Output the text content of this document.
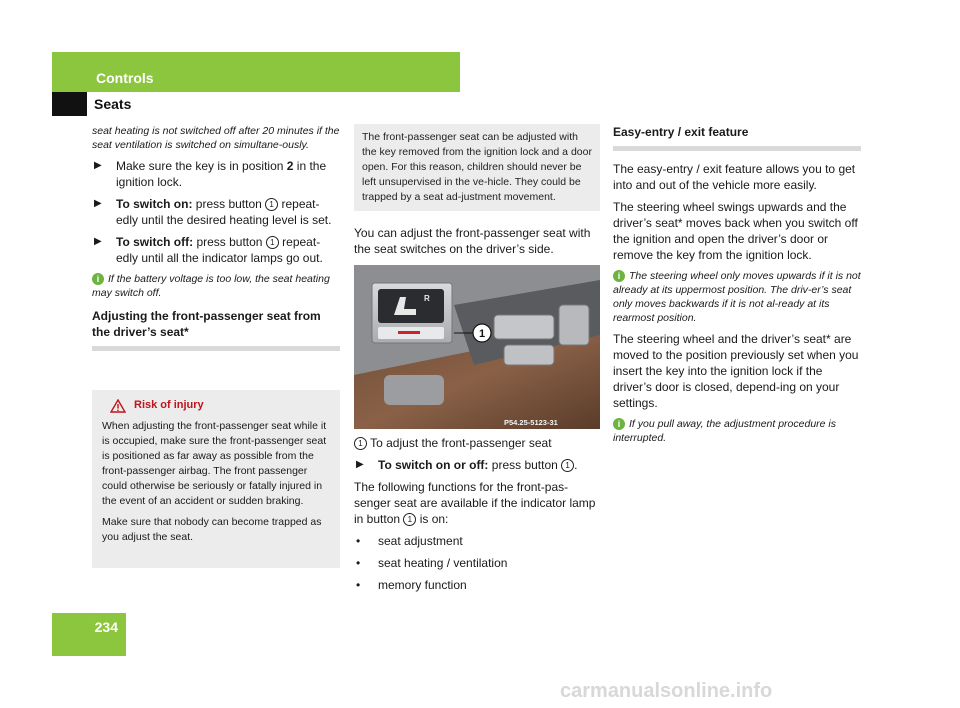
Controls
Seats

seat heating is not switched off after 20 minutes if the seat ventilation is switched on simultane-ously.

▶	Make sure the key is in position 2 in the ignition lock.
▶	To switch on: press button 1 repeat-edly until the desired heating level is set.
▶	To switch off: press button 1 repeat-edly until all the indicator lamps go out.

i If the battery voltage is too low, the seat heating may switch off.

Adjusting the front-passenger seat from the driver’s seat*
Risk of injury

When adjusting the front-passenger seat while it is occupied, make sure the front-passenger seat is positioned as far away as possible from the front-passenger airbag. The front passenger could otherwise be seriously or fatally injured in the event of an accident or sudden braking.

Make sure that nobody can become trapped as you adjust the seat.

The front-passenger seat can be adjusted with the key removed from the ignition lock and a door open. For this reason, children should never be left unsupervised in the ve-hicle. They could be trapped by a seat ad-justment movement.

You can adjust the front-passenger seat with the seat switches on the driver’s side.

R
1
P54.25-5123-31

1 To adjust the front-passenger seat

▶	To switch on or off: press button 1 .

The following functions for the front-pas-senger seat are available if the indicator lamp in button 1 is on:

•	seat adjustment
•	seat heating / ventilation
•	memory function
Easy-entry / exit feature

The easy-entry / exit feature allows you to get into and out of the vehicle more easily.

The steering wheel swings upwards and the driver’s seat* moves back when you switch off the ignition and open the driver’s door or remove the key from the ignition lock.

i The steering wheel only moves upwards if it is not already at its uppermost position. The driv-er’s seat only moves backwards if it is not al-ready at its rearmost position.

The steering wheel and the driver’s seat* are moved to the position previously set when you insert the key into the ignition lock if the driver’s door is closed, depend-ing on your settings.

i If you pull away, the adjustment procedure is interrupted.

234
carmanualsonline.info
